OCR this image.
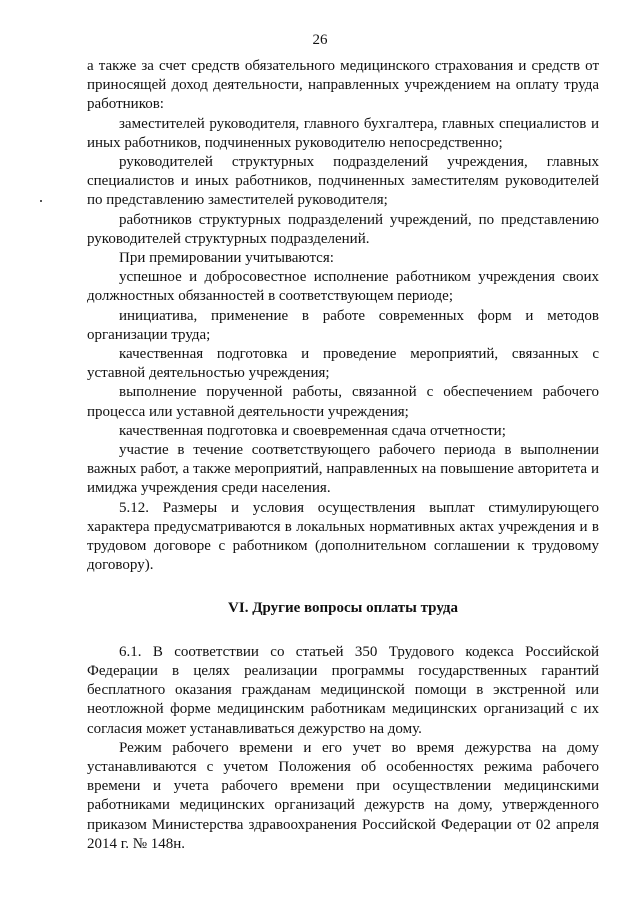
26

а также за счет средств обязательного медицинского страхования и средств от приносящей доход деятельности, направленных учреждением на оплату труда работников:

заместителей руководителя, главного бухгалтера, главных специалистов и иных работников, подчиненных руководителю непосредственно;

руководителей структурных подразделений учреждения, главных специалистов и иных работников, подчиненных заместителям руководителей по представлению заместителей руководителя;

работников структурных подразделений учреждений, по представлению руководителей структурных подразделений.

При премировании учитываются:

успешное и добросовестное исполнение работником учреждения своих должностных обязанностей в соответствующем периоде;

инициатива, применение в работе современных форм и методов организации труда;

качественная подготовка и проведение мероприятий, связанных с уставной деятельностью учреждения;

выполнение порученной работы, связанной с обеспечением рабочего процесса или уставной деятельности учреждения;

качественная подготовка и своевременная сдача отчетности;

участие в течение соответствующего рабочего периода в выполнении важных работ, а также мероприятий, направленных на повышение авторитета и имиджа учреждения среди населения.

5.12. Размеры и условия осуществления выплат стимулирующего характера предусматриваются в локальных нормативных актах учреждения и в трудовом договоре с работником (дополнительном соглашении к трудовому договору).

VI. Другие вопросы оплаты труда

6.1. В соответствии со статьей 350 Трудового кодекса Российской Федерации в целях реализации программы государственных гарантий бесплатного оказания гражданам медицинской помощи в экстренной или неотложной форме медицинским работникам медицинских организаций с их согласия может устанавливаться дежурство на дому.

Режим рабочего времени и его учет во время дежурства на дому устанавливаются с учетом Положения об особенностях режима рабочего времени и учета рабочего времени при осуществлении медицинскими работниками медицинских организаций дежурств на дому, утвержденного приказом Министерства здравоохранения Российской Федерации от 02 апреля 2014 г. № 148н.
